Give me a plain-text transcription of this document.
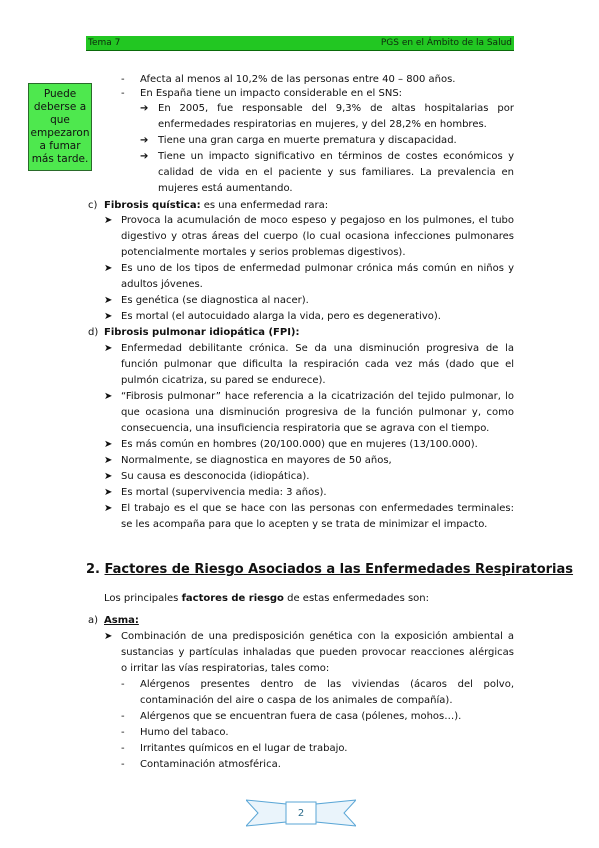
Tema 7	PGS en el Ámbito de la Salud
Puede deberse a que empezaron a fumar más tarde.
- Afecta al menos al 10,2% de las personas entre 40 – 800 años.
- En España tiene un impacto considerable en el SNS:
➔ En 2005, fue responsable del 9,3% de altas hospitalarias por
enfermedades respiratorias en mujeres, y del 28,2% en hombres.
➔ Tiene una gran carga en muerte prematura y discapacidad.
➔ Tiene un impacto significativo en términos de costes económicos y
calidad de vida en el paciente y sus familiares. La prevalencia en
mujeres está aumentando.
c) Fibrosis quística: es una enfermedad rara:
➤ Provoca la acumulación de moco espeso y pegajoso en los pulmones, el tubo
digestivo y otras áreas del cuerpo (lo cual ocasiona infecciones pulmonares
potencialmente mortales y serios problemas digestivos).
➤ Es uno de los tipos de enfermedad pulmonar crónica más común en niños y
adultos jóvenes.
➤ Es genética (se diagnostica al nacer).
➤ Es mortal (el autocuidado alarga la vida, pero es degenerativo).
d) Fibrosis pulmonar idiopática (FPI):
➤ Enfermedad debilitante crónica. Se da una disminución progresiva de la
función pulmonar que dificulta la respiración cada vez más (dado que el
pulmón cicatriza, su pared se endurece).
➤ “Fibrosis pulmonar” hace referencia a la cicatrización del tejido pulmonar, lo
que ocasiona una disminución progresiva de la función pulmonar y, como
consecuencia, una insuficiencia respiratoria que se agrava con el tiempo.
➤ Es más común en hombres (20/100.000) que en mujeres (13/100.000).
➤ Normalmente, se diagnostica en mayores de 50 años,
➤ Su causa es desconocida (idiopática).
➤ Es mortal (supervivencia media: 3 años).
➤ El trabajo es el que se hace con las personas con enfermedades terminales:
se les acompaña para que lo acepten y se trata de minimizar el impacto.
2. Factores de Riesgo Asociados a las Enfermedades Respiratorias
Los principales factores de riesgo de estas enfermedades son:
a) Asma:
➤ Combinación de una predisposición genética con la exposición ambiental a
sustancias y partículas inhaladas que pueden provocar reacciones alérgicas
o irritar las vías respiratorias, tales como:
- Alérgenos presentes dentro de las viviendas (ácaros del polvo,
contaminación del aire o caspa de los animales de compañía).
- Alérgenos que se encuentran fuera de casa (pólenes, mohos…).
- Humo del tabaco.
- Irritantes químicos en el lugar de trabajo.
- Contaminación atmosférica.
2
